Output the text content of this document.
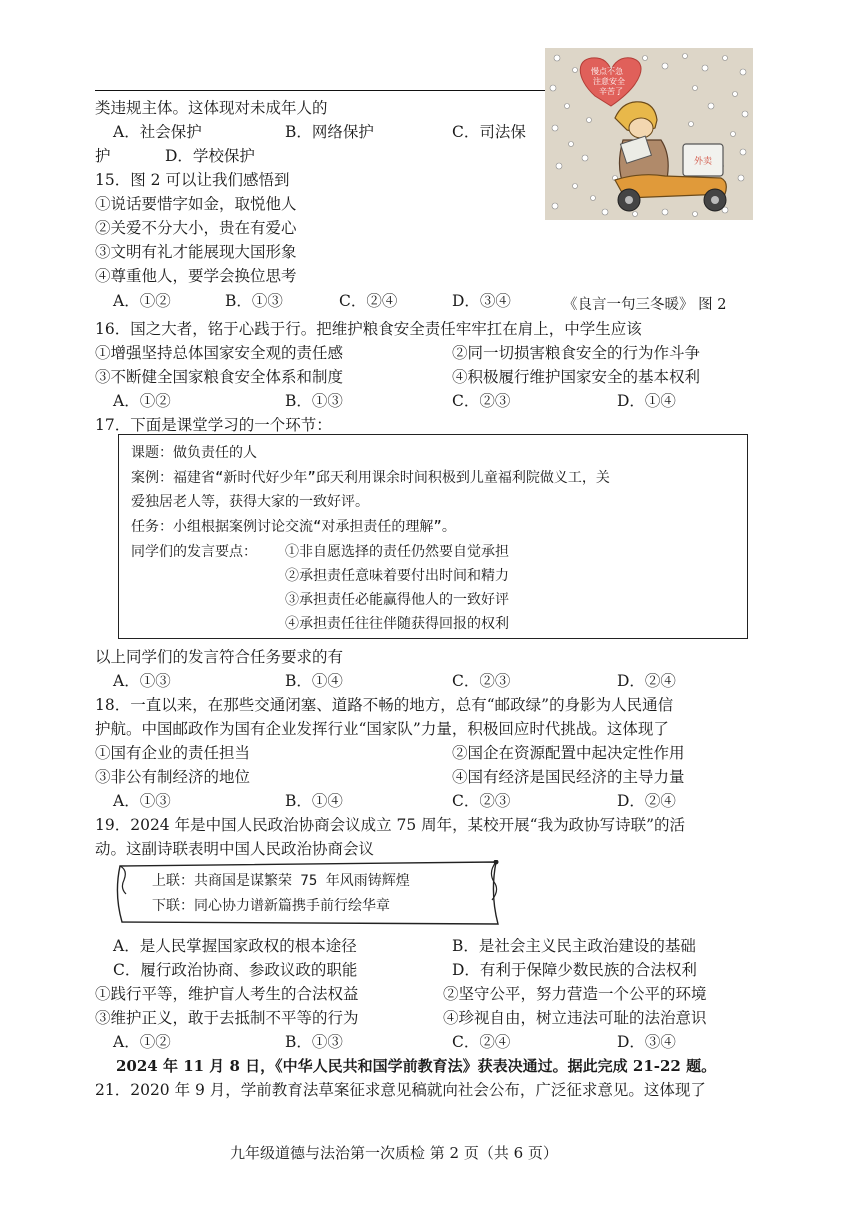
慢点不急
注意安全
辛苦了
外卖
类违规主体。这体现对未成年人的
A．社会保护	B．网络保护	C．司法保
护	D．学校保护
15．图 2 可以让我们感悟到
①说话要惜字如金，取悦他人
②关爱不分大小，贵在有爱心
③文明有礼才能展现大国形象
④尊重他人，要学会换位思考
A．①②	B．①③	C．②④	D．③④	《良言一句三冬暖》 图 2
16．国之大者，铭于心践于行。把维护粮食安全责任牢牢扛在肩上，中学生应该
①增强坚持总体国家安全观的责任感	②同一切损害粮食安全的行为作斗争
③不断健全国家粮食安全体系和制度	④积极履行维护国家安全的基本权利
A．①②	B．①③	C．②③	D．①④
17．下面是课堂学习的一个环节：
课题：做负责任的人
案例：福建省“新时代好少年”邱天利用课余时间积极到儿童福利院做义工，关
爱独居老人等，获得大家的一致好评。
任务：小组根据案例讨论交流“对承担责任的理解”。
同学们的发言要点： ①非自愿选择的责任仍然要自觉承担
②承担责任意味着要付出时间和精力
③承担责任必能赢得他人的一致好评
④承担责任往往伴随获得回报的权利
以上同学们的发言符合任务要求的有
A．①③	B．①④	C．②③	D．②④
18．一直以来，在那些交通闭塞、道路不畅的地方，总有“邮政绿”的身影为人民通信
护航。中国邮政作为国有企业发挥行业“国家队”力量，积极回应时代挑战。这体现了
①国有企业的责任担当	②国企在资源配置中起决定性作用
③非公有制经济的地位	④国有经济是国民经济的主导力量
A．①③	B．①④	C．②③	D．②④
19．2024 年是中国人民政治协商会议成立 75 周年，某校开展“我为政协写诗联”的活
动。这副诗联表明中国人民政治协商会议
上联：共商国是谋繁荣 75 年风雨铸辉煌
下联：同心协力谱新篇携手前行绘华章
A．是人民掌握国家政权的根本途径	B．是社会主义民主政治建设的基础
C．履行政治协商、参政议政的职能	D．有利于保障少数民族的合法权利
①践行平等，维护盲人考生的合法权益	②坚守公平，努力营造一个公平的环境
③维护正义，敢于去抵制不平等的行为	④珍视自由，树立违法可耻的法治意识
A．①②	B．①③	C．②④	D．③④
2024 年 11 月 8 日，《中华人民共和国学前教育法》获表决通过。据此完成 21-22 题。
21．2020 年 9 月，学前教育法草案征求意见稿就向社会公布，广泛征求意见。这体现了
九年级道德与法治第一次质检 第 2 页（共 6 页）
